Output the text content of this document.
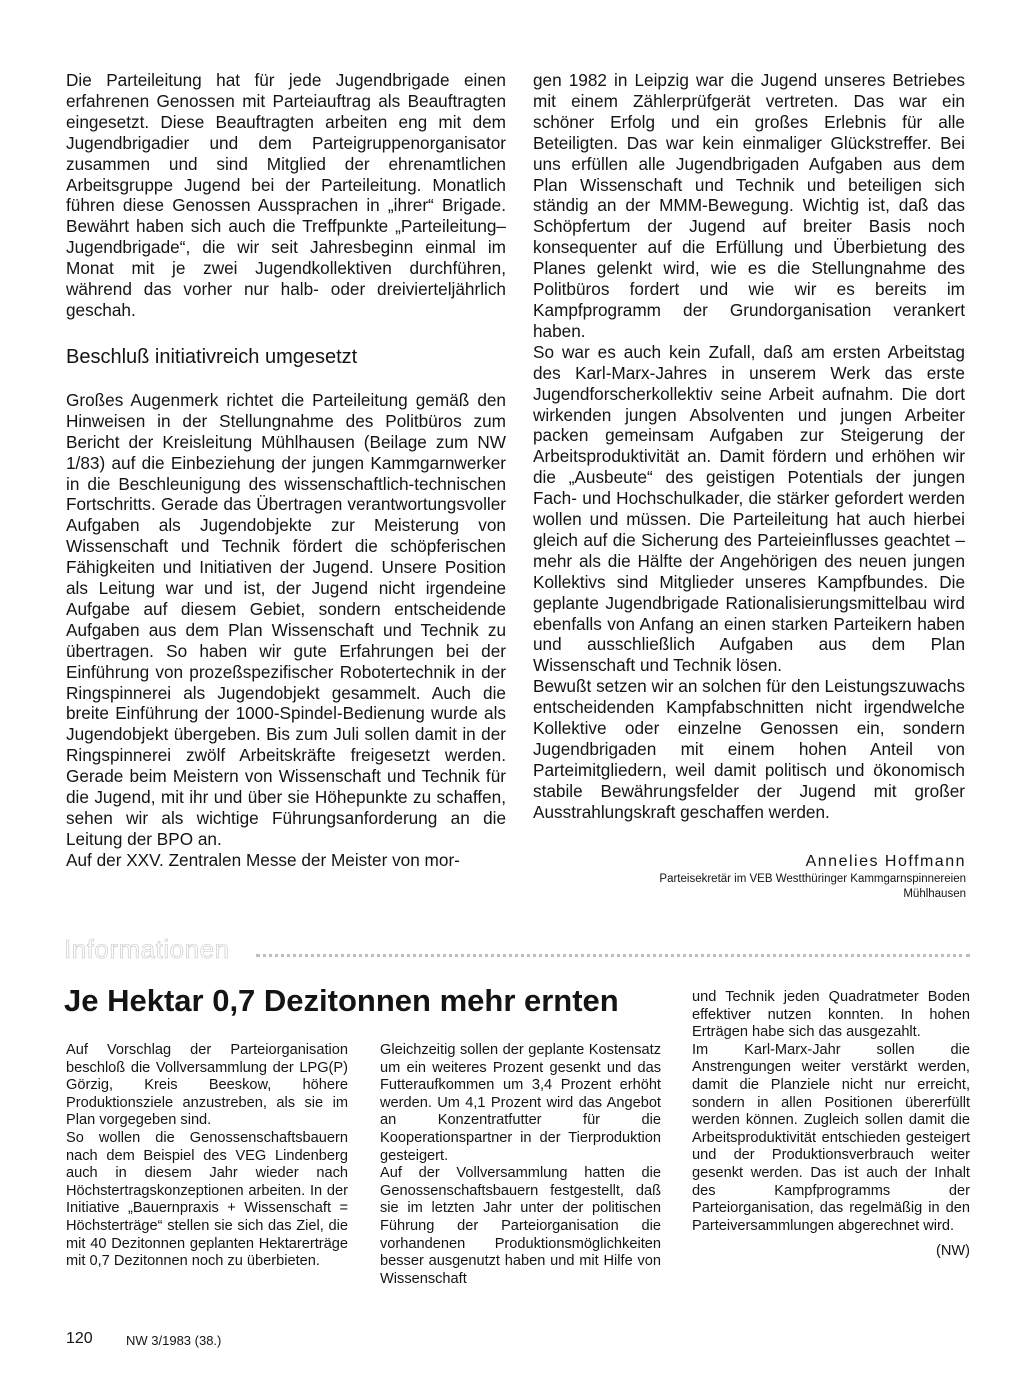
Die Parteileitung hat für jede Jugendbrigade einen erfahrenen Genossen mit Parteiauftrag als Beauftragten eingesetzt. Diese Beauftragten arbeiten eng mit dem Jugendbrigadier und dem Parteigruppenorganisator zusammen und sind Mitglied der ehrenamtlichen Arbeitsgruppe Jugend bei der Parteileitung. Monatlich führen diese Genossen Aussprachen in „ihrer“ Brigade. Bewährt haben sich auch die Treffpunkte „Parteileitung–Jugendbrigade“, die wir seit Jahresbeginn einmal im Monat mit je zwei Jugendkollektiven durchführen, während das vorher nur halb- oder dreivierteljährlich geschah.

Beschluß initiativreich umgesetzt

Großes Augenmerk richtet die Parteileitung gemäß den Hinweisen in der Stellungnahme des Politbüros zum Bericht der Kreisleitung Mühlhausen (Beilage zum NW 1/83) auf die Einbeziehung der jungen Kammgarnwerker in die Beschleunigung des wissenschaftlich-technischen Fortschritts. Gerade das Übertragen verantwortungsvoller Aufgaben als Jugendobjekte zur Meisterung von Wissenschaft und Technik fördert die schöpferischen Fähigkeiten und Initiativen der Jugend. Unsere Position als Leitung war und ist, der Jugend nicht irgendeine Aufgabe auf diesem Gebiet, sondern entscheidende Aufgaben aus dem Plan Wissenschaft und Technik zu übertragen. So haben wir gute Erfahrungen bei der Einführung von prozeßspezifischer Robotertechnik in der Ringspinnerei als Jugendobjekt gesammelt. Auch die breite Einführung der 1000-Spindel-Bedienung wurde als Jugendobjekt übergeben. Bis zum Juli sollen damit in der Ringspinnerei zwölf Arbeitskräfte freigesetzt werden. Gerade beim Meistern von Wissenschaft und Technik für die Jugend, mit ihr und über sie Höhepunkte zu schaffen, sehen wir als wichtige Führungsanforderung an die Leitung der BPO an.

Auf der XXV. Zentralen Messe der Meister von mor-

gen 1982 in Leipzig war die Jugend unseres Betriebes mit einem Zählerprüfgerät vertreten. Das war ein schöner Erfolg und ein großes Erlebnis für alle Beteiligten. Das war kein einmaliger Glückstreffer. Bei uns erfüllen alle Jugendbrigaden Aufgaben aus dem Plan Wissenschaft und Technik und beteiligen sich ständig an der MMM-Bewegung. Wichtig ist, daß das Schöpfertum der Jugend auf breiter Basis noch konsequenter auf die Erfüllung und Überbietung des Planes gelenkt wird, wie es die Stellungnahme des Politbüros fordert und wie wir es bereits im Kampfprogramm der Grundorganisation verankert haben.

So war es auch kein Zufall, daß am ersten Arbeitstag des Karl-Marx-Jahres in unserem Werk das erste Jugendforscherkollektiv seine Arbeit aufnahm. Die dort wirkenden jungen Absolventen und jungen Arbeiter packen gemeinsam Aufgaben zur Steigerung der Arbeitsproduktivität an. Damit fördern und erhöhen wir die „Ausbeute“ des geistigen Potentials der jungen Fach- und Hochschulkader, die stärker gefordert werden wollen und müssen. Die Parteileitung hat auch hierbei gleich auf die Sicherung des Parteieinflusses geachtet – mehr als die Hälfte der Angehörigen des neuen jungen Kollektivs sind Mitglieder unseres Kampfbundes. Die geplante Jugendbrigade Rationalisierungsmittelbau wird ebenfalls von Anfang an einen starken Parteikern haben und ausschließlich Aufgaben aus dem Plan Wissenschaft und Technik lösen.

Bewußt setzen wir an solchen für den Leistungszuwachs entscheidenden Kampfabschnitten nicht irgendwelche Kollektive oder einzelne Genossen ein, sondern Jugendbrigaden mit einem hohen Anteil von Parteimitgliedern, weil damit politisch und ökonomisch stabile Bewährungsfelder der Jugend mit großer Ausstrahlungskraft geschaffen werden.

Annelies Hoffmann
Parteisekretär im VEB Westthüringer Kammgarnspinnereien
Mühlhausen
Informationen
Je Hektar 0,7 Dezitonnen mehr ernten

Auf Vorschlag der Parteiorganisation beschloß die Vollversammlung der LPG(P) Görzig, Kreis Beeskow, höhere Produktionsziele anzustreben, als sie im Plan vorgegeben sind.

So wollen die Genossenschaftsbauern nach dem Beispiel des VEG Lindenberg auch in diesem Jahr wieder nach Höchstertragskonzeptionen arbeiten. In der Initiative „Bauernpraxis + Wissenschaft = Höchsterträge“ stellen sie sich das Ziel, die mit 40 Dezitonnen geplanten Hektarerträge mit 0,7 Dezitonnen noch zu überbieten.

Gleichzeitig sollen der geplante Kostensatz um ein weiteres Prozent gesenkt und das Futteraufkommen um 3,4 Prozent erhöht werden. Um 4,1 Prozent wird das Angebot an Konzentratfutter für die Kooperationspartner in der Tierproduktion gesteigert.

Auf der Vollversammlung hatten die Genossenschaftsbauern festgestellt, daß sie im letzten Jahr unter der politischen Führung der Parteiorganisation die vorhandenen Produktionsmöglichkeiten besser ausgenutzt haben und mit Hilfe von Wissenschaft

und Technik jeden Quadratmeter Boden effektiver nutzen konnten. In hohen Erträgen habe sich das ausgezahlt.

Im Karl-Marx-Jahr sollen die Anstrengungen weiter verstärkt werden, damit die Planziele nicht nur erreicht, sondern in allen Positionen übererfüllt werden können. Zugleich sollen damit die Arbeitsproduktivität entschieden gesteigert und der Produktionsverbrauch weiter gesenkt werden. Das ist auch der Inhalt des Kampfprogramms der Parteiorganisation, das regelmäßig in den Parteiversammlungen abgerechnet wird.

(NW)

120	NW 3/1983 (38.)
